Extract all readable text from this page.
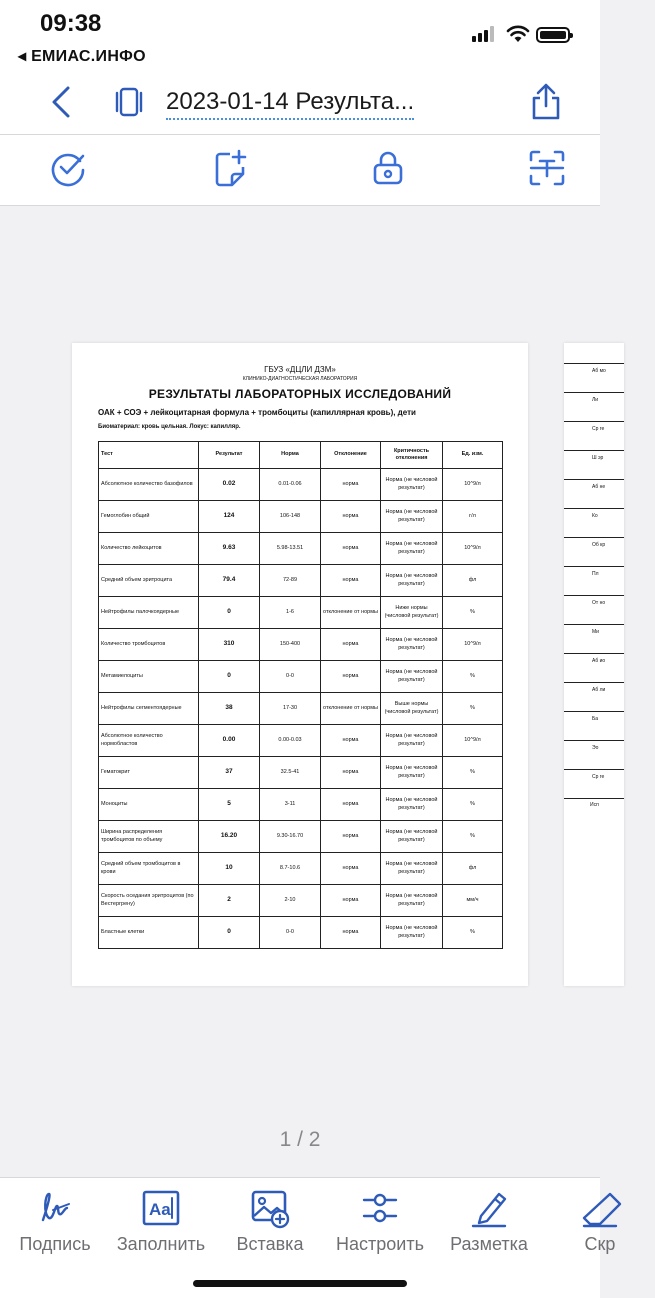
09:38
◂ ЕМИАС.ИНФО
2023-01-14 Результа...
ГБУЗ «ДЦЛИ ДЗМ»
КЛИНИКО-ДИАГНОСТИЧЕСКАЯ ЛАБОРАТОРИЯ
РЕЗУЛЬТАТЫ ЛАБОРАТОРНЫХ ИССЛЕДОВАНИЙ
ОАК + СОЭ + лейкоцитарная формула + тромбоциты (капиллярная кровь), дети
Биоматериал: кровь цельная. Локус: капилляр.
Тест	Результат	Норма	Отклонение	Критичность отклонения	Ед. изм.
Абсолютное количество базофилов	0.02	0.01-0.06	норма	Норма (не числовой результат)	10^9/л
Гемоглобин общий	124	106-148	норма	Норма (не числовой результат)	г/л
Количество лейкоцитов	9.63	5.98-13.51	норма	Норма (не числовой результат)	10^9/л
Средний объем эритроцита	79.4	72-89	норма	Норма (не числовой результат)	фл
Нейтрофилы палочкоядерные	0	1-6	отклонение от нормы	Ниже нормы (числовой результат)	%
Количество тромбоцитов	310	150-400	норма	Норма (не числовой результат)	10^9/л
Метамиелоциты	0	0-0	норма	Норма (не числовой результат)	%
Нейтрофилы сегментоядерные	38	17-30	отклонение от нормы	Выше нормы (числовой результат)	%
Абсолютное количество нормобластов	0.00	0.00-0.03	норма	Норма (не числовой результат)	10^9/л
Гематокрит	37	32.5-41	норма	Норма (не числовой результат)	%
Моноциты	5	3-11	норма	Норма (не числовой результат)	%
Ширина распределения тромбоцитов по объему	16.20	9.30-16.70	норма	Норма (не числовой результат)	%
Средний объем тромбоцитов в крови	10	8.7-10.6	норма	Норма (не числовой результат)	фл
Скорость оседания эритроцитов (по Вестергрену)	2	2-10	норма	Норма (не числовой результат)	мм/ч
Бластные клетки	0	0-0	норма	Норма (не числовой результат)	%
Аб мо
Ли
Ср ге
Ш эр
Аб не
Ко
Об кр
Пл
От но
Ми
Аб ио
Аб ли
Ба
Эо
Ср ге
Исп
1 / 2
Подпись
Aa
Заполнить	Вставка	Настроить	Разметка	Скр
